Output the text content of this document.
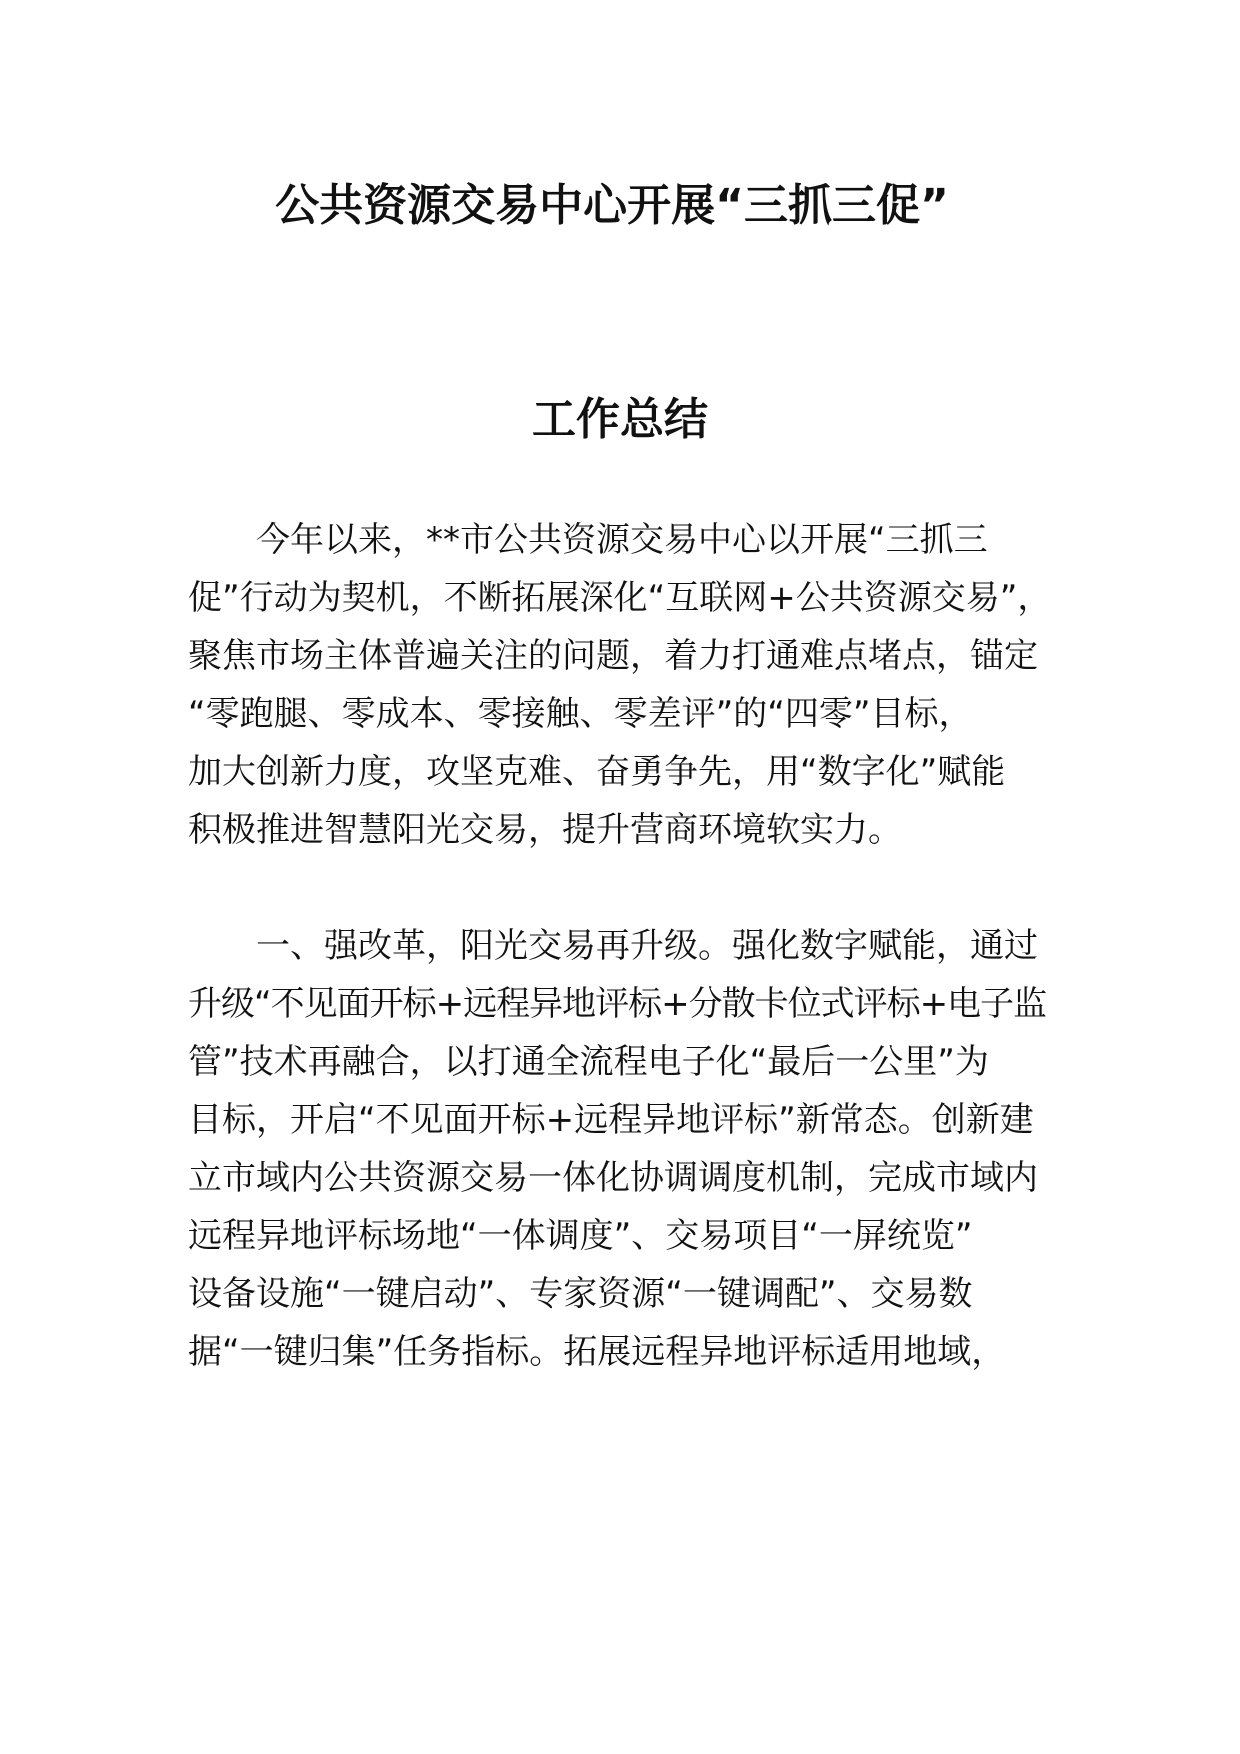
公共资源交易中心开展“三抓三促”
工作总结
今年以来，**市公共资源交易中心以开展“三抓三
促”行动为契机，不断拓展深化“互联网+公共资源交易”，
聚焦市场主体普遍关注的问题，着力打通难点堵点，锚定
“零跑腿、零成本、零接触、零差评”的“四零”目标，
加大创新力度，攻坚克难、奋勇争先，用“数字化”赋能
积极推进智慧阳光交易，提升营商环境软实力。
一、强改革，阳光交易再升级。强化数字赋能，通过
升级“不见面开标+远程异地评标+分散卡位式评标+电子监
管”技术再融合，以打通全流程电子化“最后一公里”为
目标，开启“不见面开标+远程异地评标”新常态。创新建
立市域内公共资源交易一体化协调调度机制，完成市域内
远程异地评标场地“一体调度”、交易项目“一屏统览”
设备设施“一键启动”、专家资源“一键调配”、交易数
据“一键归集”任务指标。拓展远程异地评标适用地域，
